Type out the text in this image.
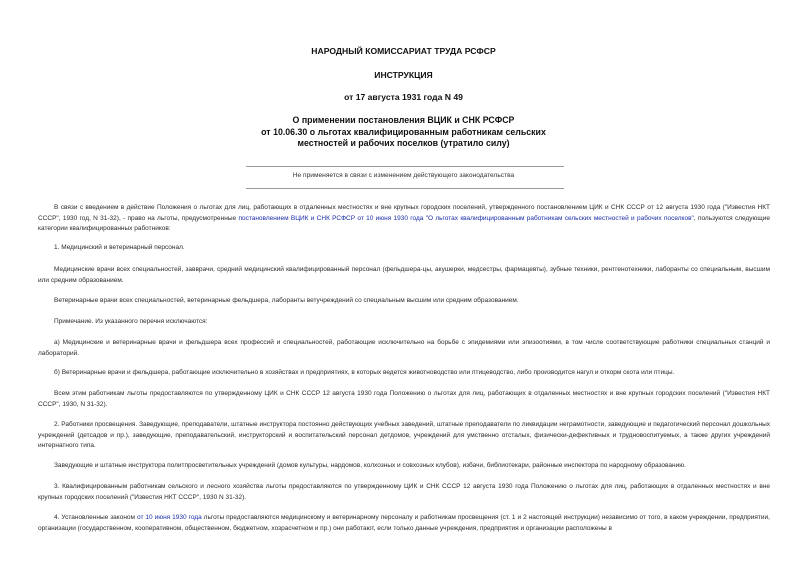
НАРОДНЫЙ КОМИССАРИАТ ТРУДА РСФСР
ИНСТРУКЦИЯ
от 17 августа 1931 года N 49
О применении постановления ВЦИК и СНК РСФСР
от 10.06.30 о льготах квалифицированным работникам сельских
местностей и рабочих поселков (утратило силу)
Не применяется в связи с изменением действующего законодательства
В связи с введением в действие Положения о льготах для лиц, работающих в отдаленных местностях и вне крупных городских поселений, утвержденного постановлением ЦИК и СНК СССР от 12 августа 1930 года ("Известия НКТ СССР", 1930 год, N 31-32), - право на льготы, предусмотренные постановлением ВЦИК и СНК РСФСР от 10 июня 1930 года "О льготах квалифицированным работникам сельских местностей и рабочих поселков", пользуются следующие категории квалифицированных работников:
1. Медицинский и ветеринарный персонал.
Медицинские врачи всех специальностей, завврачи, средний медицинский квалифицированный персонал (фельдшера-цы, акушерки, медсестры, фармацевты), зубные техники, рентгенотехники, лаборанты со специальным, высшим или средним образованием.
Ветеринарные врачи всех специальностей, ветеринарные фельдшера, лаборанты ветучреждений со специальным высшим или средним образованием.
Примечание. Из указанного перечня исключаются:
а) Медицинские и ветеринарные врачи и фельдшера всех профессий и специальностей, работающие исключительно на борьбе с эпидемиями или эпизоотиями, в том числе соответствующие работники специальных станций и лабораторий.
б) Ветеринарные врачи и фельдшера, работающие исключительно в хозяйствах и предприятиях, в которых ведется животноводство или птицеводство, либо производится нагул и откорм скота или птицы.
Всем этим работникам льготы предоставляются по утвержденному ЦИК и СНК СССР 12 августа 1930 года Положению о льготах для лиц, работающих в отдаленных местностях и вне крупных городских поселений ("Известия НКТ СССР", 1930, N 31-32).
2. Работники просвещения. Заведующие, преподаватели, штатные инструктора постоянно действующих учебных заведений, штатные преподаватели по ликвидации неграмотности, заведующие и педагогический персонал дошкольных учреждений (детсадов и пр.), заведующие, преподавательский, инструкторский и воспитательский персонал детдомов, учреждений для умственно отсталых, физически-дефективных и трудновоспитуемых, а также других учреждений интернатного типа.
Заведующие и штатные инструктора политпросветительных учреждений (домов культуры, нардомов, колхозных и совхозных клубов), избачи, библиотекари, районные инспектора по народному образованию.
3. Квалифицированным работникам сельского и лесного хозяйства льготы предоставляются по утвержденному ЦИК и СНК СССР 12 августа 1930 года Положению о льготах для лиц, работающих в отдаленных местностях и вне крупных городских поселений ("Известия НКТ СССР", 1930 N 31-32).
4. Установленные законом от 10 июня 1930 года льготы предоставляются медицинскому и ветеринарному персоналу и работникам просвещения (ст. 1 и 2 настоящей инструкции) независимо от того, в каком учреждении, предприятии, организации (государственном, кооперативном, общественном, бюджетном, хозрасчетном и пр.) они работают, если только данные учреждения, предприятия и организации расположены в
